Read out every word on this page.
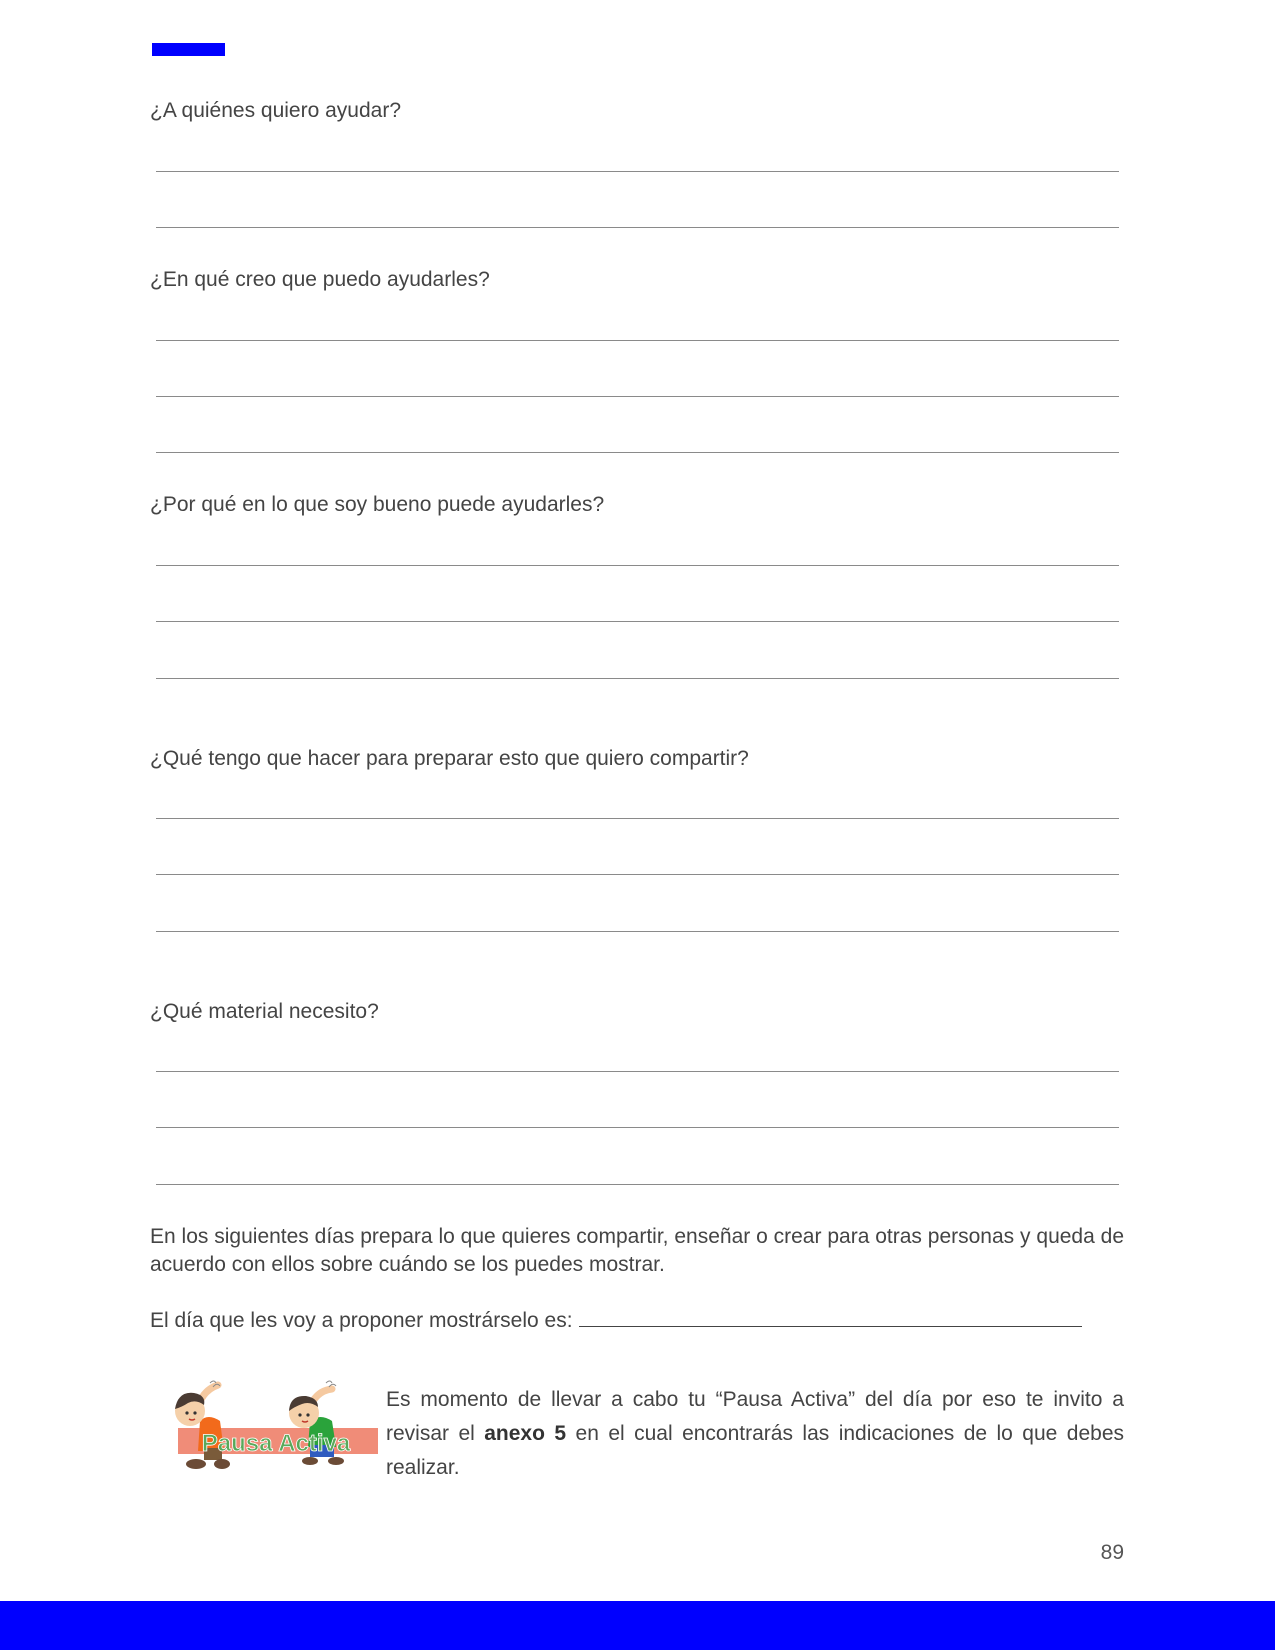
¿A quiénes quiero ayudar?
¿En qué creo que puedo ayudarles?
¿Por qué en lo que soy bueno puede ayudarles?
¿Qué tengo que hacer para preparar esto que quiero compartir?
¿Qué material necesito?
En los siguientes días prepara lo que quieres compartir, enseñar o crear para otras personas y queda de acuerdo con ellos sobre cuándo se los puedes mostrar.
El día que les voy a proponer mostrárselo es:
Pausa Activa
Es momento de llevar a cabo tu “Pausa Activa” del día por eso te invito a revisar el anexo 5 en el cual encontrarás las indicaciones de lo que debes realizar.
89
